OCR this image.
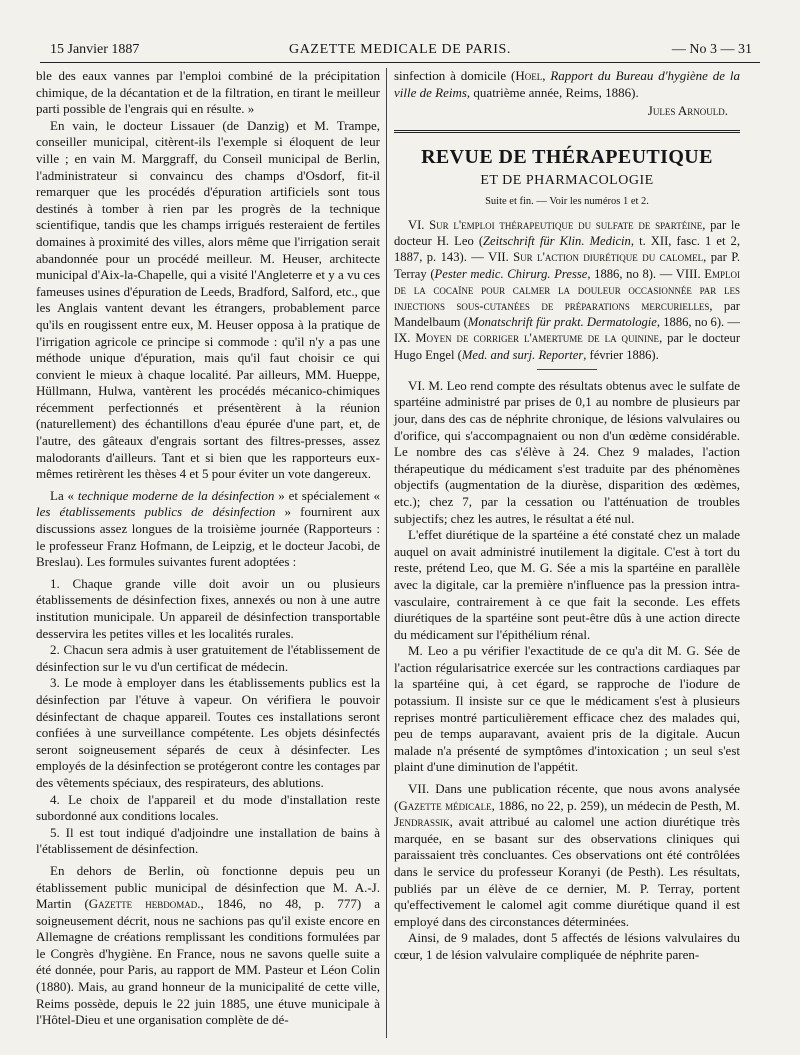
15 Janvier 1887	GAZETTE MEDICALE DE PARIS.	— No 3 — 31

ble des eaux vannes par l'emploi combiné de la précipitation chimique, de la décantation et de la filtration, en tirant le meilleur parti possible de l'engrais qui en résulte. »

En vain, le docteur Lissauer (de Danzig) et M. Trampe, conseiller municipal, citèrent-ils l'exemple si éloquent de leur ville ; en vain M. Marggraff, du Conseil municipal de Berlin, l'administrateur si convaincu des champs d'Osdorf, fit-il remarquer que les procédés d'épuration artificiels sont tous destinés à tomber à rien par les progrès de la technique scientifique, tandis que les champs irrigués resteraient de fertiles domaines à proximité des villes, alors même que l'irrigation serait abandonnée pour un procédé meilleur. M. Heuser, architecte municipal d'Aix-la-Chapelle, qui a visité l'Angleterre et y a vu ces fameuses usines d'épuration de Leeds, Bradford, Salford, etc., que les Anglais vantent devant les étrangers, probablement parce qu'ils en rougissent entre eux, M. Heuser opposa à la pratique de l'irrigation agricole ce principe si commode : qu'il n'y a pas une méthode unique d'épuration, mais qu'il faut choisir ce qui convient le mieux à chaque localité. Par ailleurs, MM. Hueppe, Hüllmann, Hulwa, vantèrent les procédés mécanico-chimiques récemment perfectionnés et présentèrent à la réunion (naturellement) des échantillons d'eau épurée d'une part, et, de l'autre, des gâteaux d'engrais sortant des filtres-presses, assez malodorants d'ailleurs. Tant et si bien que les rapporteurs eux-mêmes retirèrent les thèses 4 et 5 pour éviter un vote dangereux.

La « technique moderne de la désinfection » et spécialement « les établissements publics de désinfection » fournirent aux discussions assez longues de la troisième journée (Rapporteurs : le professeur Franz Hofmann, de Leipzig, et le docteur Jacobi, de Breslau). Les formules suivantes furent adoptées :

1. Chaque grande ville doit avoir un ou plusieurs établissements de désinfection fixes, annexés ou non à une autre institution municipale. Un appareil de désinfection transportable desservira les petites villes et les localités rurales.

2. Chacun sera admis à user gratuitement de l'établissement de désinfection sur le vu d'un certificat de médecin.

3. Le mode à employer dans les établissements publics est la désinfection par l'étuve à vapeur. On vérifiera le pouvoir désinfectant de chaque appareil. Toutes ces installations seront confiées à une surveillance compétente. Les objets désinfectés seront soigneusement séparés de ceux à désinfecter. Les employés de la désinfection se protégeront contre les contages par des vêtements spéciaux, des respirateurs, des ablutions.

4. Le choix de l'appareil et du mode d'installation reste subordonné aux conditions locales.

5. Il est tout indiqué d'adjoindre une installation de bains à l'établissement de désinfection.

En dehors de Berlin, où fonctionne depuis peu un établissement public municipal de désinfection que M. A.-J. Martin (Gazette hebdomad., 1846, no 48, p. 777) a soigneusement décrit, nous ne sachions pas qu'il existe encore en Allemagne de créations remplissant les conditions formulées par le Congrès d'hygiène. En France, nous ne savons quelle suite a été donnée, pour Paris, au rapport de MM. Pasteur et Léon Colin (1880). Mais, au grand honneur de la municipalité de cette ville, Reims possède, depuis le 22 juin 1885, une étuve municipale à l'Hôtel-Dieu et une organisation complète de dé-

sinfection à domicile (Hoel, Rapport du Bureau d'hygiène de la ville de Reims, quatrième année, Reims, 1886).

Jules Arnould.

REVUE DE THÉRAPEUTIQUE
ET DE PHARMACOLOGIE
Suite et fin. — Voir les numéros 1 et 2.

VI. Sur l'emploi thérapeutique du sulfate de spartéine, par le docteur H. Leo (Zeitschrift für Klin. Medicin, t. XII, fasc. 1 et 2, 1887, p. 143). — VII. Sur l'action diurétique du calomel, par P. Terray (Pester medic. Chirurg. Presse, 1886, no 8). — VIII. Emploi de la cocaïne pour calmer la douleur occasionnée par les injections sous-cutanées de préparations mercurielles, par Mandelbaum (Monatschrift für prakt. Dermatologie, 1886, no 6). — IX. Moyen de corriger l'amertume de la quinine, par le docteur Hugo Engel (Med. and surj. Reporter, février 1886).

VI. M. Leo rend compte des résultats obtenus avec le sulfate de spartéine administré par prises de 0,1 au nombre de plusieurs par jour, dans des cas de néphrite chronique, de lésions valvulaires ou d'orifice, qui s'accompagnaient ou non d'un œdème considérable. Le nombre des cas s'élève à 24. Chez 9 malades, l'action thérapeutique du médicament s'est traduite par des phénomènes objectifs (augmentation de la diurèse, disparition des œdèmes, etc.); chez 7, par la cessation ou l'atténuation de troubles subjectifs; chez les autres, le résultat a été nul.

L'effet diurétique de la spartéine a été constaté chez un malade auquel on avait administré inutilement la digitale. C'est à tort du reste, prétend Leo, que M. G. Sée a mis la spartéine en parallèle avec la digitale, car la première n'influence pas la pression intra-vasculaire, contrairement à ce que fait la seconde. Les effets diurétiques de la spartéine sont peut-être dûs à une action directe du médicament sur l'épithélium rénal.

M. Leo a pu vérifier l'exactitude de ce qu'a dit M. G. Sée de l'action régularisatrice exercée sur les contractions cardiaques par la spartéine qui, à cet égard, se rapproche de l'iodure de potassium. Il insiste sur ce que le médicament s'est à plusieurs reprises montré particulièrement efficace chez des malades qui, peu de temps auparavant, avaient pris de la digitale. Aucun malade n'a présenté de symptômes d'intoxication ; un seul s'est plaint d'une diminution de l'appétit.

VII. Dans une publication récente, que nous avons analysée (Gazette médicale, 1886, no 22, p. 259), un médecin de Pesth, M. Jendrassik, avait attribué au calomel une action diurétique très marquée, en se basant sur des observations cliniques qui paraissaient très concluantes. Ces observations ont été contrôlées dans le service du professeur Koranyi (de Pesth). Les résultats, publiés par un élève de ce dernier, M. P. Terray, portent qu'effectivement le calomel agit comme diurétique quand il est employé dans des circonstances déterminées.

Ainsi, de 9 malades, dont 5 affectés de lésions valvulaires du cœur, 1 de lésion valvulaire compliquée de néphrite paren-
